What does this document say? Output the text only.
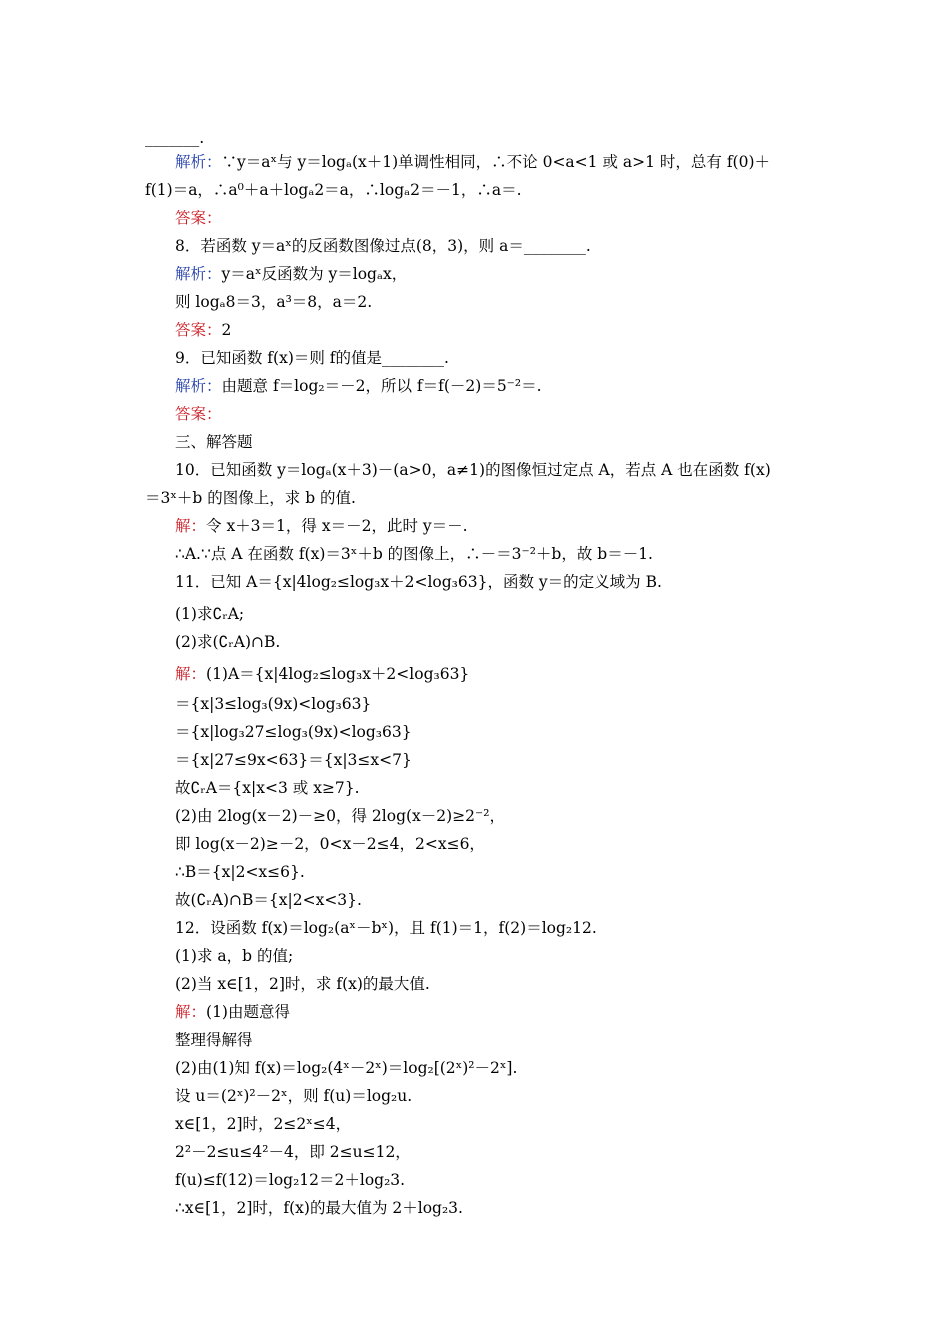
_______.
解析：∵y＝aˣ与 y＝logₐ(x＋1)单调性相同，∴不论 0<a<1 或 a>1 时，总有 f(0)＋
f(1)＝a，∴a⁰＋a＋logₐ2＝a，∴logₐ2＝－1，∴a＝.
答案：
8．若函数 y＝aˣ的反函数图像过点(8，3)，则 a＝________.
解析：y＝aˣ反函数为 y＝logₐx，
则 logₐ8＝3，a³＝8，a＝2.
答案：2
9．已知函数 f(x)＝则 f的值是________.
解析：由题意 f＝log₂＝－2，所以 f＝f(－2)＝5⁻²＝.
答案：
三、解答题
10．已知函数 y＝logₐ(x＋3)－(a>0，a≠1)的图像恒过定点 A，若点 A 也在函数 f(x)
＝3ˣ＋b 的图像上，求 b 的值.
解：令 x＋3＝1，得 x＝－2，此时 y＝－.
∴A.∵点 A 在函数 f(x)＝3ˣ＋b 的图像上，∴－＝3⁻²＋b，故 b＝－1.
11．已知 A＝{x|4log₂≤log₃x＋2<log₃63}，函数 y＝的定义域为 B.
(1)求∁ᵣA;
(2)求(∁ᵣA)∩B.
解：(1)A＝{x|4log₂≤log₃x＋2<log₃63}
＝{x|3≤log₃(9x)<log₃63}
＝{x|log₃27≤log₃(9x)<log₃63}
＝{x|27≤9x<63}＝{x|3≤x<7}
故∁ᵣA＝{x|x<3 或 x≥7}.
(2)由 2log(x－2)－≥0，得 2log(x－2)≥2⁻²，
即 log(x－2)≥－2，0<x－2≤4，2<x≤6，
∴B＝{x|2<x≤6}.
故(∁ᵣA)∩B＝{x|2<x<3}.
12．设函数 f(x)＝log₂(aˣ－bˣ)，且 f(1)＝1，f(2)＝log₂12.
(1)求 a，b 的值;
(2)当 x∈[1，2]时，求 f(x)的最大值.
解：(1)由题意得
整理得解得
(2)由(1)知 f(x)＝log₂(4ˣ－2ˣ)＝log₂[(2ˣ)²－2ˣ].
设 u＝(2ˣ)²－2ˣ，则 f(u)＝log₂u.
x∈[1，2]时，2≤2ˣ≤4，
2²－2≤u≤4²－4，即 2≤u≤12，
f(u)≤f(12)＝log₂12＝2＋log₂3.
∴x∈[1，2]时，f(x)的最大值为 2＋log₂3.
